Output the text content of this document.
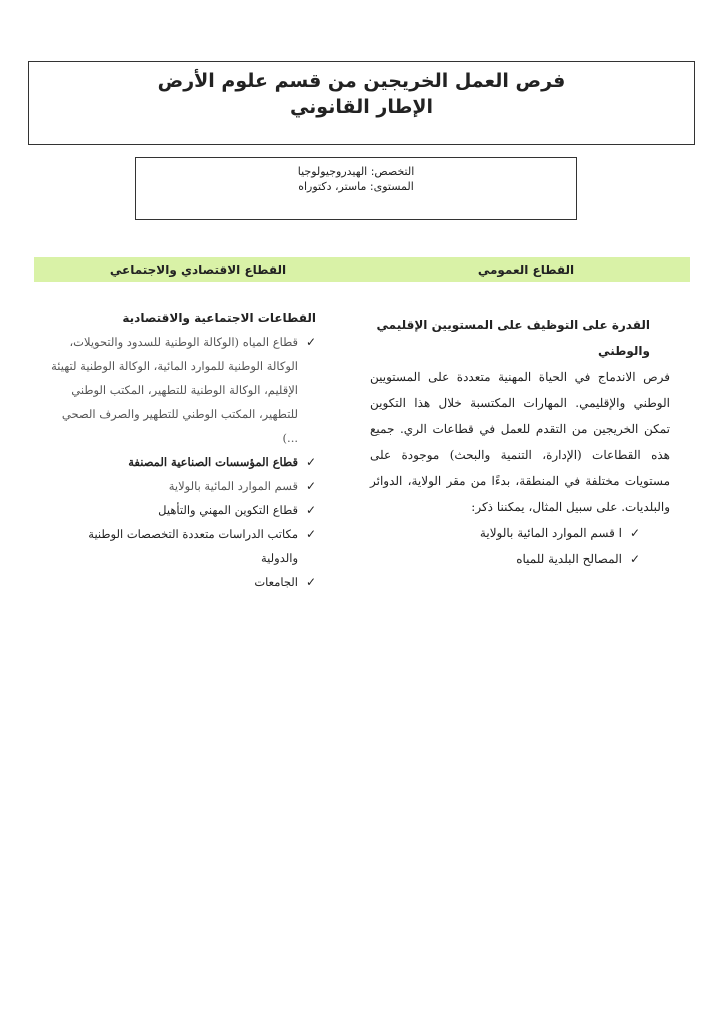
فرص العمل الخريجين من قسم علوم الأرض
الإطار القانوني
التخصص: الهيدروجيولوجيا
المستوى: ماستر، دكتوراه
القطاع العمومي
القطاع الاقتصادي والاجتماعي
القدرة على التوظيف على المستويين الإقليمي والوطني
فرص الاندماج في الحياة المهنية متعددة على المستويين الوطني والإقليمي. المهارات المكتسبة خلال هذا التكوين تمكن الخريجين من التقدم للعمل في قطاعات الري. جميع هذه القطاعات (الإدارة، التنمية والبحث) موجودة على مستويات مختلفة في المنطقة، بدءًا من مقر الولاية، الدوائر والبلديات. على سبيل المثال، يمكننا ذكر:
✓
ا قسم الموارد المائية بالولاية
✓
المصالح البلدية للمياه
القطاعات الاجتماعية والاقتصادية
✓
قطاع المياه (الوكالة الوطنية للسدود والتحويلات، الوكالة الوطنية للموارد المائية، الوكالة الوطنية لتهيئة الإقليم، الوكالة الوطنية للتطهير، المكتب الوطني للتطهير، المكتب الوطني للتطهير والصرف الصحي ...)
✓
قطاع المؤسسات الصناعية المصنفة
✓
قسم الموارد المائية بالولاية
✓
قطاع التكوين المهني والتأهيل
✓
مكاتب الدراسات متعددة التخصصات الوطنية والدولية
✓
الجامعات
